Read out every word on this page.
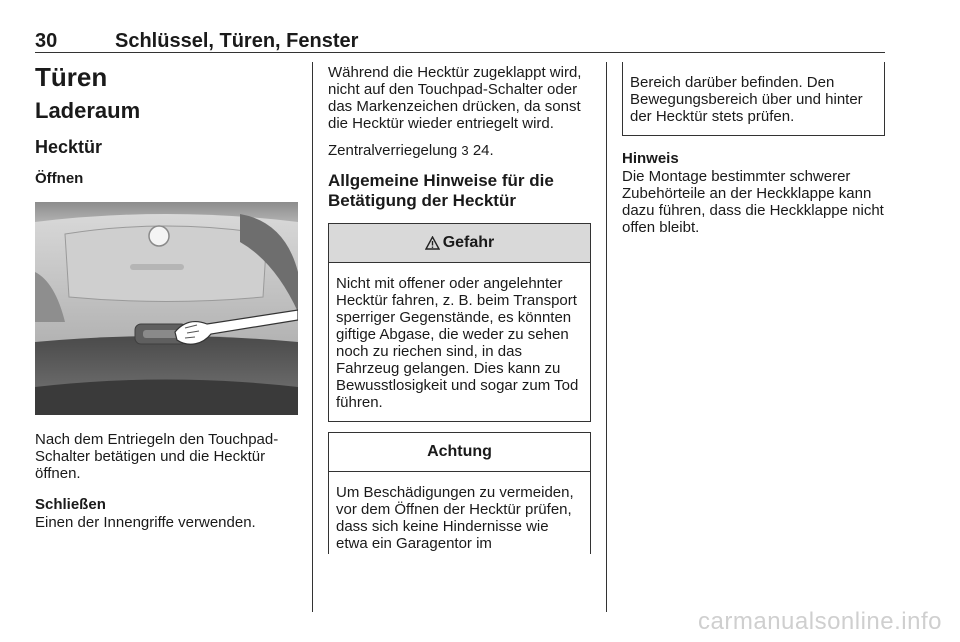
30	Schlüssel, Türen, Fenster
Türen
Laderaum
Hecktür
Öffnen
Nach dem Entriegeln den Touchpad-Schalter betätigen und die Hecktür öffnen.
Schließen
Einen der Innengriffe verwenden.
Während die Hecktür zugeklappt wird, nicht auf den Touchpad-Schalter oder das Markenzeichen drücken, da sonst die Hecktür wieder entriegelt wird.
Zentralverriegelung 3 24.
Allgemeine Hinweise für die Betätigung der Hecktür
Gefahr
Nicht mit offener oder angelehnter Hecktür fahren, z. B. beim Transport sperriger Gegenstände, es könnten giftige Abgase, die weder zu sehen noch zu riechen sind, in das Fahrzeug gelangen. Dies kann zu Bewusstlosigkeit und sogar zum Tod führen.
Achtung
Um Beschädigungen zu vermeiden, vor dem Öffnen der Hecktür prüfen, dass sich keine Hindernisse wie etwa ein Garagentor im
Bereich darüber befinden. Den Bewegungsbereich über und hinter der Hecktür stets prüfen.
Hinweis
Die Montage bestimmter schwerer Zubehörteile an der Heckklappe kann dazu führen, dass die Heckklappe nicht offen bleibt.
carmanualsonline.info
